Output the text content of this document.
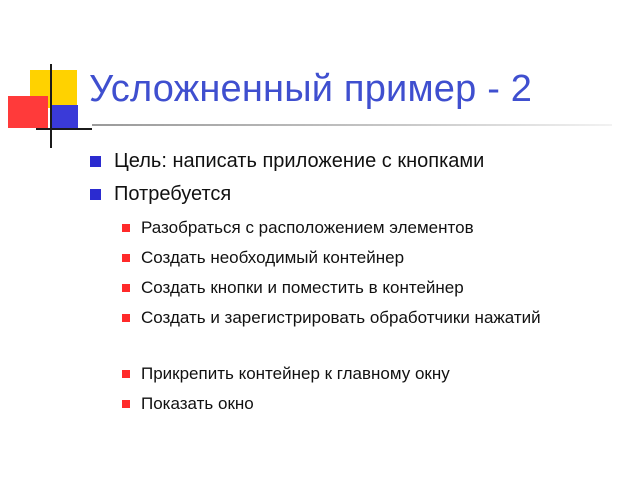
Усложненный пример - 2
Цель: написать приложение с кнопками
Потребуется
Разобраться с расположением элементов
Создать необходимый контейнер
Создать кнопки и поместить в контейнер
Создать и зарегистрировать обработчики нажатий
Прикрепить контейнер к главному окну
Показать окно
